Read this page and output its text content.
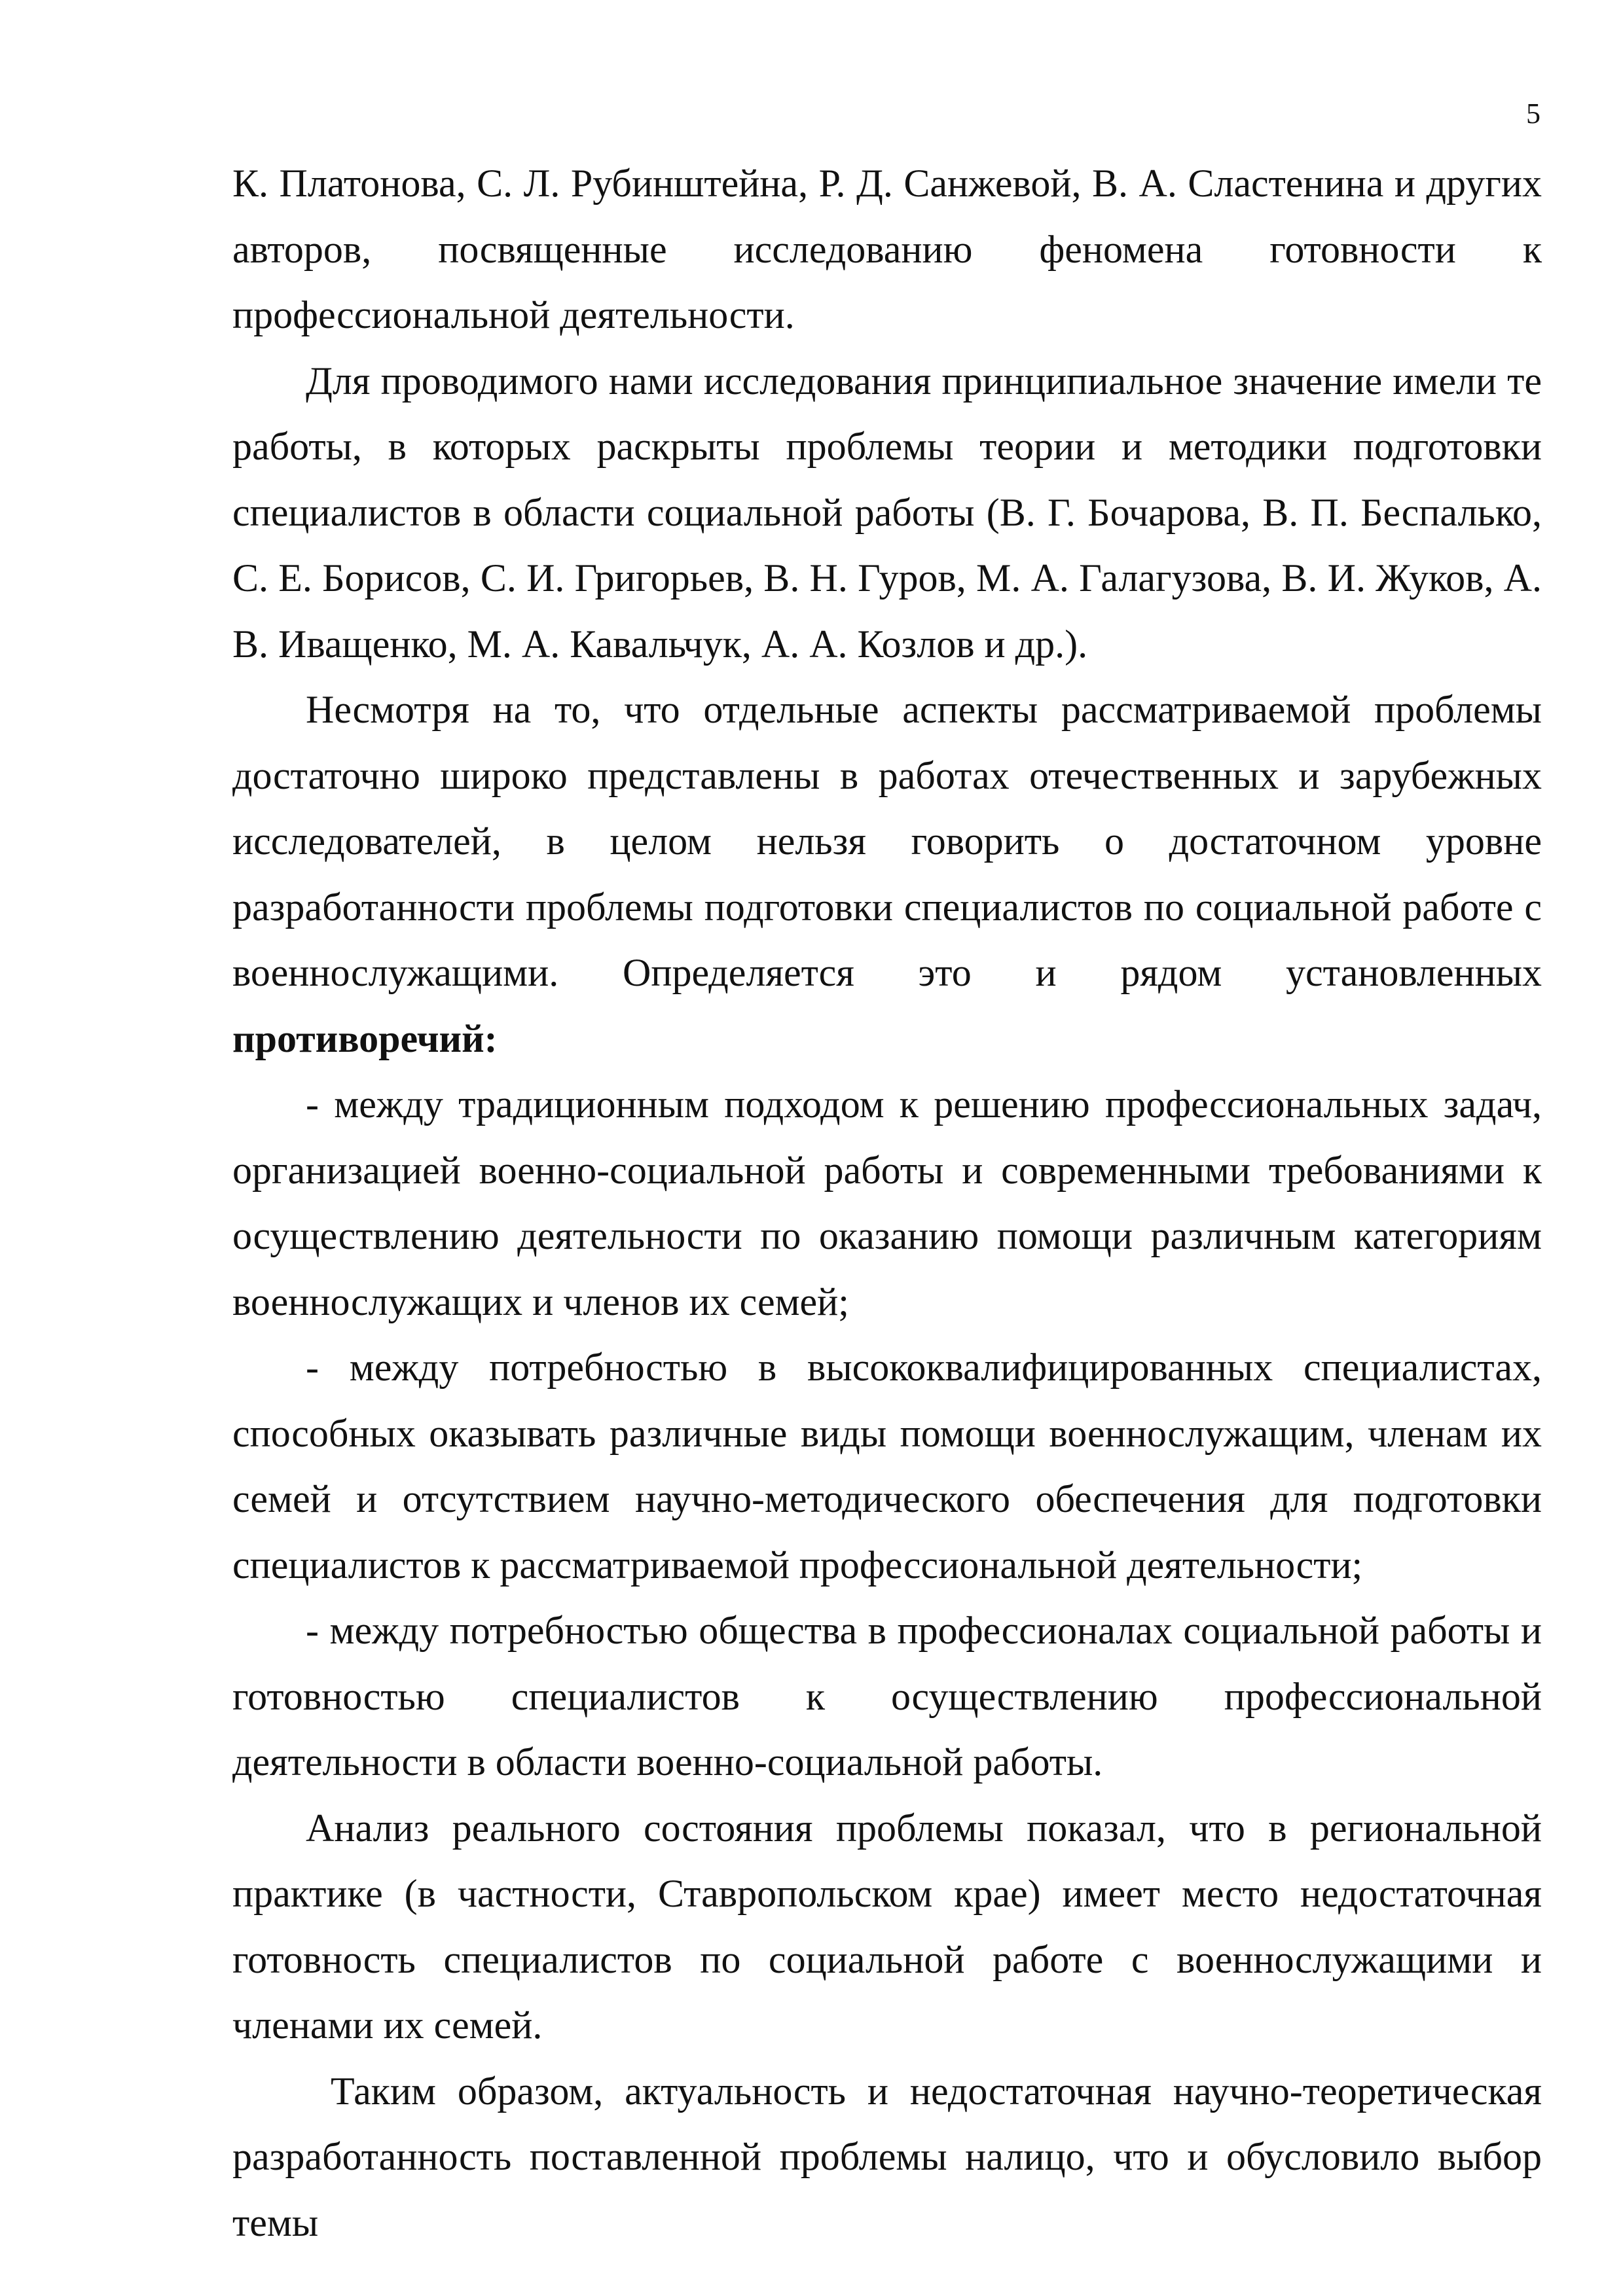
5

К. Платонова, С. Л. Рубинштейна, Р. Д. Санжевой, В. А. Сластенина и других авторов, посвященные исследованию феномена готовности к профессиональной деятельности.

Для проводимого нами исследования принципиальное значение имели те работы, в которых раскрыты проблемы теории и методики подготовки специалистов в области социальной работы (В. Г. Бочарова, В. П. Беспалько, С. Е. Борисов, С. И. Григорьев, В. Н. Гуров, М. А. Галагузова, В. И. Жуков, А. В. Иващенко, М. А. Кавальчук, А. А. Козлов и др.).

Несмотря на то, что отдельные аспекты рассматриваемой проблемы достаточно широко представлены в работах отечественных и зарубежных исследователей, в целом нельзя говорить о достаточном уровне разработанности проблемы подготовки специалистов по социальной работе с военнослужащими. Определяется это и рядом установленных противоречий:

- между традиционным подходом к решению профессиональных задач, организацией военно-социальной работы и современными требованиями к осуществлению деятельности по оказанию помощи различным категориям военнослужащих и членов их семей;

- между потребностью в высококвалифицированных специалистах, способных оказывать различные виды помощи военнослужащим, членам их семей и отсутствием научно-методического обеспечения для подготовки специалистов к рассматриваемой профессиональной деятельности;

- между потребностью общества в профессионалах социальной работы и готовностью специалистов к осуществлению профессиональной деятельности в области военно-социальной работы.

Анализ реального состояния проблемы показал, что в региональной практике (в частности, Ставропольском крае) имеет место недостаточная готовность специалистов по социальной работе с военнослужащими и членами их семей.

Таким образом, актуальность и недостаточная научно-теоретическая разработанность поставленной проблемы налицо, что и обусловило выбор темы
